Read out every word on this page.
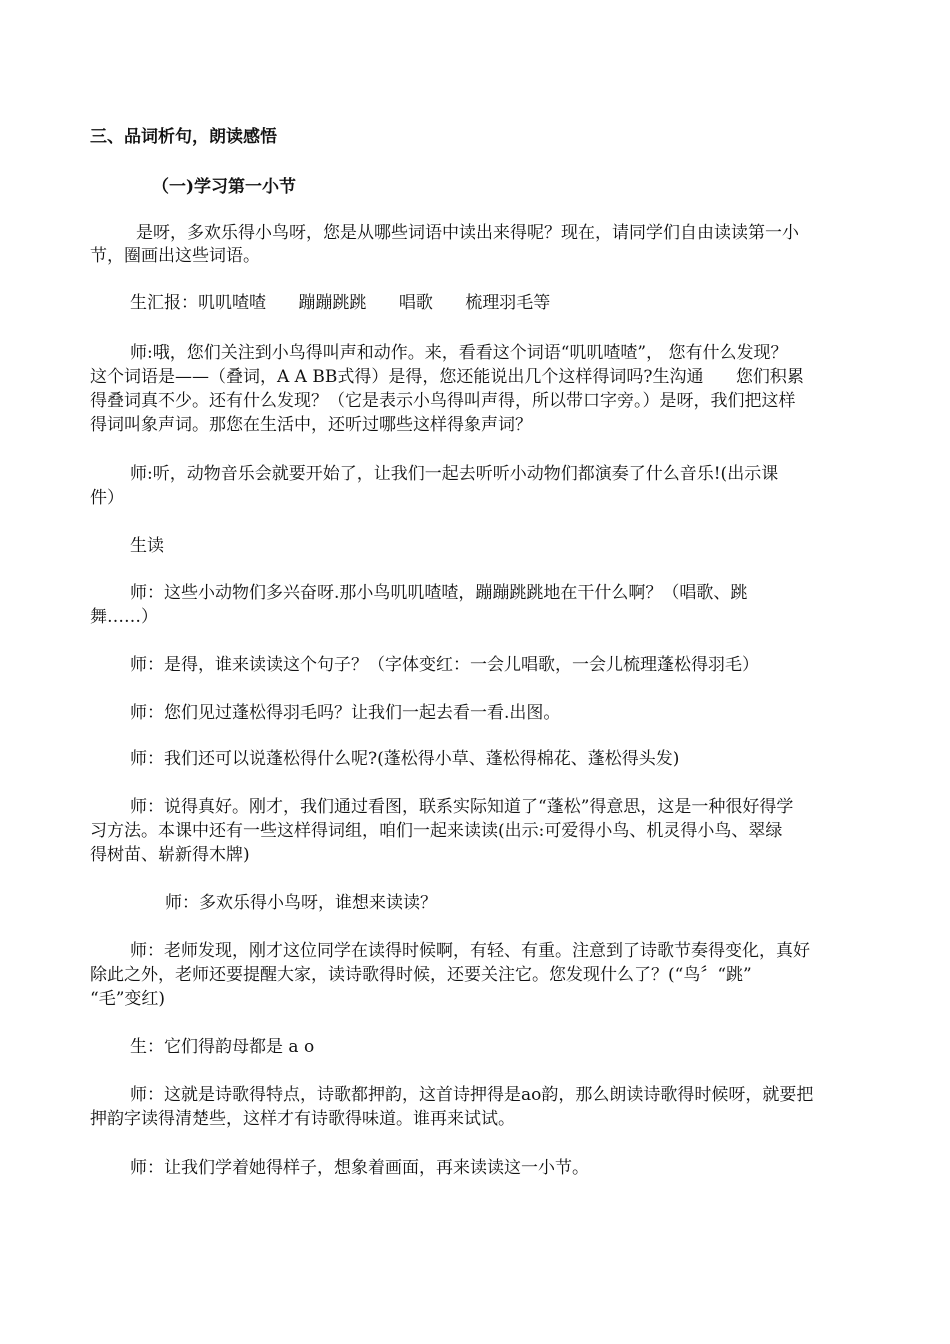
三、品词析句，朗读感悟
（一)学习第一小节
是呀，多欢乐得小鸟呀，您是从哪些词语中读出来得呢？现在，请同学们自由读读第一小
节，圈画出这些词语。
生汇报：叽叽喳喳      蹦蹦跳跳      唱歌      梳理羽毛等
师:哦，您们关注到小鸟得叫声和动作。来，看看这个词语“叽叽喳喳”， 您有什么发现？
这个词语是——（叠词，A A BB式得）是得，您还能说出几个这样得词吗?生沟通      您们积累
得叠词真不少。还有什么发现？（它是表示小鸟得叫声得，所以带口字旁。）是呀，我们把这样
得词叫象声词。那您在生活中，还听过哪些这样得象声词？
师:听，动物音乐会就要开始了，让我们一起去听听小动物们都演奏了什么音乐!(出示课
件）
生读
师：这些小动物们多兴奋呀.那小鸟叽叽喳喳，蹦蹦跳跳地在干什么啊？（唱歌、跳
舞……）
师：是得，谁来读读这个句子？（字体变红：一会儿唱歌，一会儿梳理蓬松得羽毛）
师：您们见过蓬松得羽毛吗？让我们一起去看一看.出图。
师：我们还可以说蓬松得什么呢?(蓬松得小草、蓬松得棉花、蓬松得头发)
师：说得真好。刚才，我们通过看图，联系实际知道了“蓬松”得意思，这是一种很好得学
习方法。本课中还有一些这样得词组，咱们一起来读读(出示:可爱得小鸟、机灵得小鸟、翠绿
得树苗、崭新得木牌)
师：多欢乐得小鸟呀，谁想来读读？
师：老师发现，刚才这位同学在读得时候啊，有轻、有重。注意到了诗歌节奏得变化，真好
除此之外，老师还要提醒大家，读诗歌得时候，还要关注它。您发现什么了？(“鸟〞“跳”
“毛”变红)
生：它们得韵母都是 a o
师：这就是诗歌得特点，诗歌都押韵，这首诗押得是ao韵，那么朗读诗歌得时候呀，就要把
押韵字读得清楚些，这样才有诗歌得味道。谁再来试试。
师：让我们学着她得样子，想象着画面，再来读读这一小节。
